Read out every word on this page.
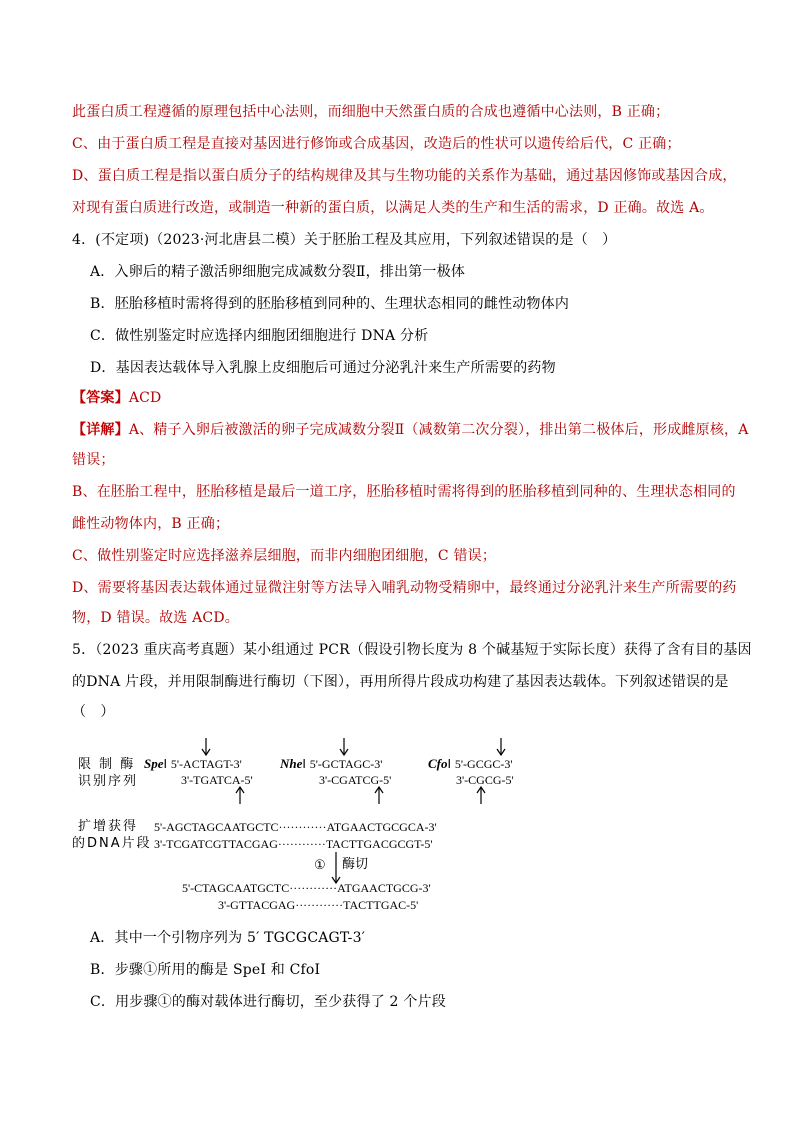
此蛋白质工程遵循的原理包括中心法则，而细胞中天然蛋白质的合成也遵循中心法则，B 正确；
C、由于蛋白质工程是直接对基因进行修饰或合成基因，改造后的性状可以遗传给后代，C 正确；
D、蛋白质工程是指以蛋白质分子的结构规律及其与生物功能的关系作为基础，通过基因修饰或基因合成，
对现有蛋白质进行改造，或制造一种新的蛋白质，以满足人类的生产和生活的需求，D 正确。故选 A。
4．(不定项)（2023·河北唐县二模）关于胚胎工程及其应用，下列叙述错误的是（　）
A．入卵后的精子激活卵细胞完成减数分裂Ⅱ，排出第一极体
B．胚胎移植时需将得到的胚胎移植到同种的、生理状态相同的雌性动物体内
C．做性别鉴定时应选择内细胞团细胞进行 DNA 分析
D．基因表达载体导入乳腺上皮细胞后可通过分泌乳汁来生产所需要的药物
【答案】ACD
【详解】A、精子入卵后被激活的卵子完成减数分裂Ⅱ（减数第二次分裂），排出第二极体后，形成雌原核，A
错误；
B、在胚胎工程中，胚胎移植是最后一道工序，胚胎移植时需将得到的胚胎移植到同种的、生理状态相同的
雌性动物体内，B 正确；
C、做性别鉴定时应选择滋养层细胞，而非内细胞团细胞，C 错误；
D、需要将基因表达载体通过显微注射等方法导入哺乳动物受精卵中，最终通过分泌乳汁来生产所需要的药
物，D 错误。故选 ACD。
5．（2023 重庆高考真题）某小组通过 PCR（假设引物长度为 8 个碱基短于实际长度）获得了含有目的基因
的DNA 片段，并用限制酶进行酶切（下图），再用所得片段成功构建了基因表达载体。下列叙述错误的是
（　）
限 制 酶
识别序列
SpeⅠ 5'-ACTAGT-3'
3'-TGATCA-5'
NheⅠ 5'-GCTAGC-3'
3'-CGATCG-5'
CfoⅠ 5'-GCGC-3'
3'-CGCG-5'
扩增获得
的DNA片段
5'-AGCTAGCAATGCTC············ATGAACTGCGCA-3'
3'-TCGATCGTTACGAG············TACTTGACGCGT-5'
① 酶切
5'-CTAGCAATGCTC············ATGAACTGCG-3'
3'-GTTACGAG············TACTTGAC-5'
A．其中一个引物序列为 5′ TGCGCAGT-3′
B．步骤①所用的酶是 SpeI 和 CfoI
C．用步骤①的酶对载体进行酶切，至少获得了 2 个片段
